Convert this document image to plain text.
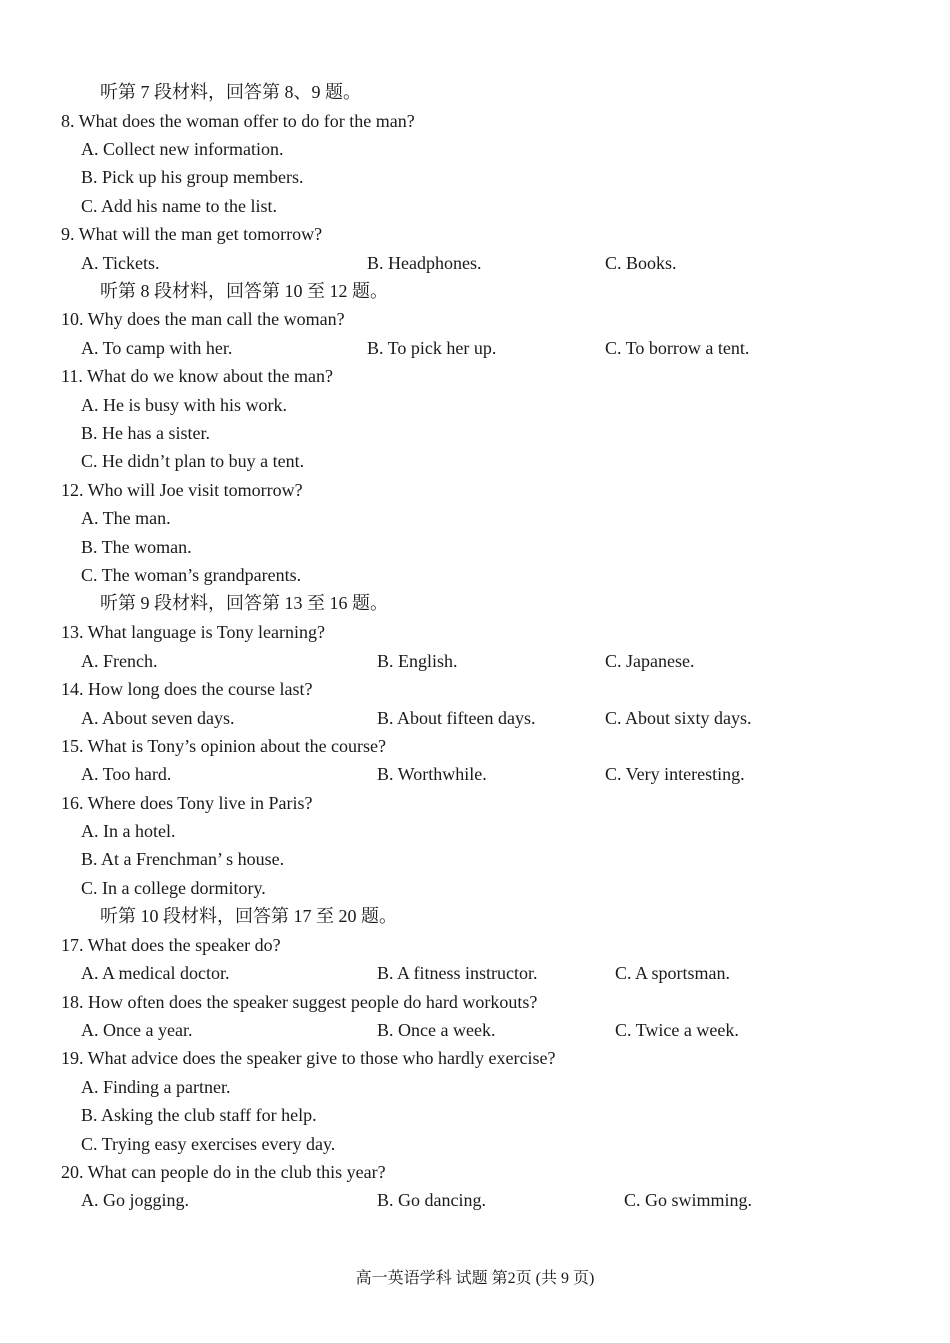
听第 7 段材料，回答第 8、9 题。
8. What does the woman offer to do for the man?
A. Collect new information.
B. Pick up his group members.
C. Add his name to the list.
9. What will the man get tomorrow?
A. Tickets.	B. Headphones.	C. Books.
听第 8 段材料，回答第 10 至 12 题。
10. Why does the man call the woman?
A. To camp with her.	B. To pick her up.	C. To borrow a tent.
11. What do we know about the man?
A. He is busy with his work.
B. He has a sister.
C. He didn’t plan to buy a tent.
12. Who will Joe visit tomorrow?
A. The man.
B. The woman.
C. The woman’s grandparents.
听第 9 段材料，回答第 13 至 16 题。
13. What language is Tony learning?
A. French.	B. English.	C. Japanese.
14. How long does the course last?
A. About seven days.	B. About fifteen days.	C. About sixty days.
15. What is Tony’s opinion about the course?
A. Too hard.	B. Worthwhile.	C. Very interesting.
16. Where does Tony live in Paris?
A. In a hotel.
B. At a Frenchman’ s house.
C. In a college dormitory.
听第 10 段材料，回答第 17 至 20 题。
17. What does the speaker do?
A. A medical doctor.	B. A fitness instructor.	C. A sportsman.
18. How often does the speaker suggest people do hard workouts?
A. Once a year.	B. Once a week.	C. Twice a week.
19. What advice does the speaker give to those who hardly exercise?
A. Finding a partner.
B. Asking the club staff for help.
C. Trying easy exercises every day.
20. What can people do in the club this year?
A. Go jogging.	B. Go dancing.	C. Go swimming.
高一英语学科 试题 第2页 (共 9 页)
